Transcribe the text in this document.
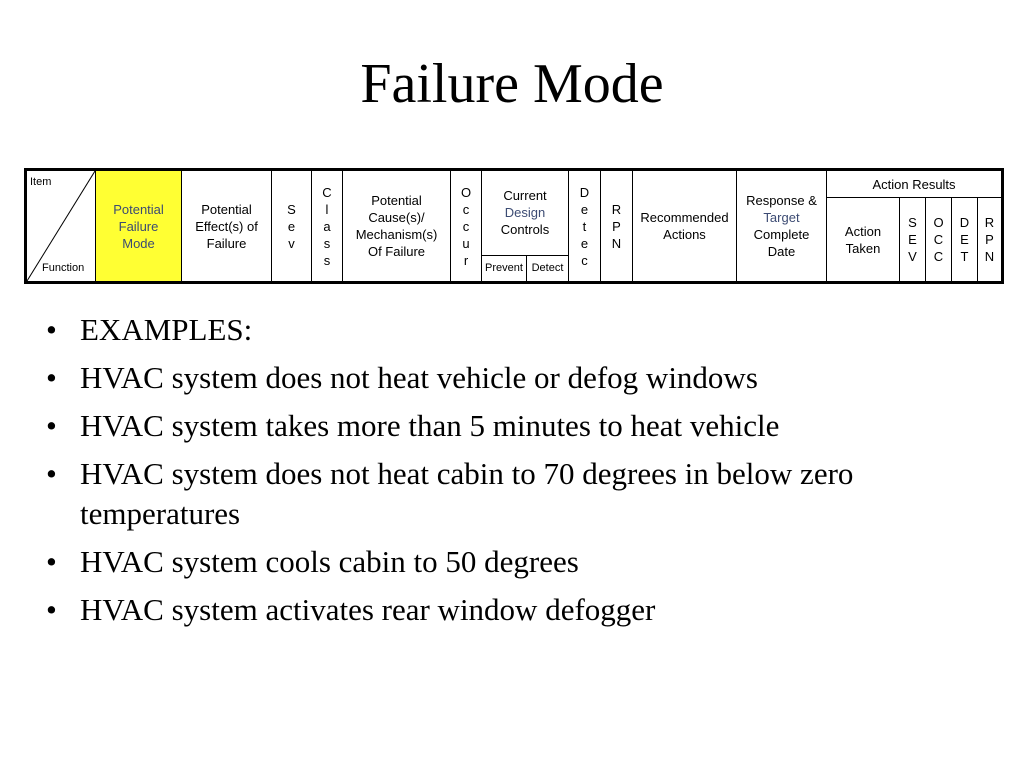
Failure Mode
Item
Function
Potential
Failure
Mode
Potential
Effect(s) of
Failure
S
e
v
C
l
a
s
s
Potential
Cause(s)/
Mechanism(s)
Of Failure
O
c
c
u
r
Current
Design
Controls
Prevent Detect
D
e
t
e
c
R
P
N
Recommended
Actions
Response &
Target
Complete
Date
Action Results
Action
Taken
S
E
V
O
C
C
D
E
T
R
P
N
• EXAMPLES:
• HVAC system does not heat vehicle or defog windows
• HVAC system takes more than 5 minutes to heat vehicle
• HVAC system does not heat cabin to 70 degrees in below zero temperatures
• HVAC system cools cabin to 50 degrees
• HVAC system activates rear window defogger
